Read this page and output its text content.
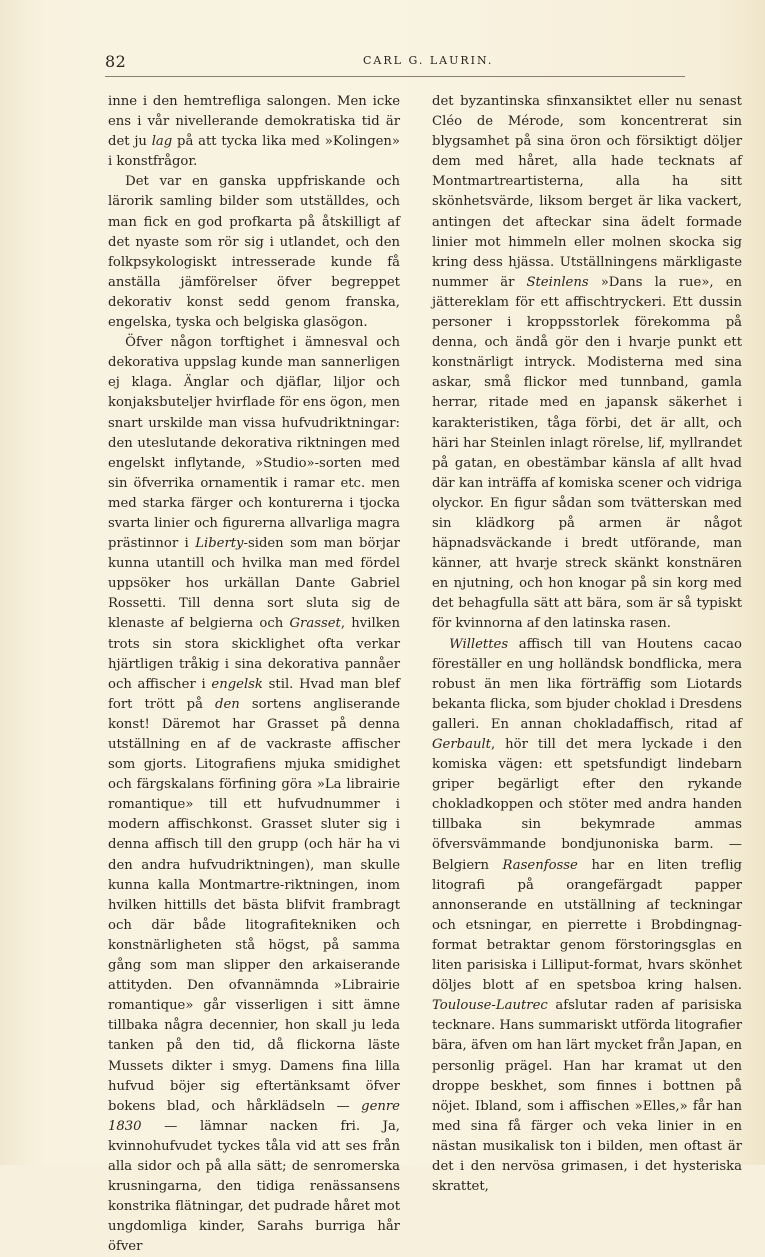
82	CARL G. LAURIN.

inne i den hemtrefliga salongen. Men icke ens i vår nivellerande demokratiska tid är det ju lag på att tycka lika med »Kolingen» i konstfrågor.

Det var en ganska uppfriskande och lärorik samling bilder som utställdes, och man fick en god profkarta på åtskilligt af det nyaste som rör sig i utlandet, och den folkpsykologiskt intresserade kunde få anställa jämförelser öfver begreppet dekorativ konst sedd genom franska, engelska, tyska och belgiska glasögon.

Öfver någon torftighet i ämnesval och dekorativa uppslag kunde man sannerligen ej klaga. Änglar och djäflar, liljor och konjaksbuteljer hvirflade för ens ögon, men snart urskilde man vissa hufvudriktningar: den uteslutande dekorativa riktningen med engelskt inflytande, »Studio»-sorten med sin öfverrika ornamentik i ramar etc. men med starka färger och konturerna i tjocka svarta linier och figurerna allvarliga magra prästinnor i Liberty-siden som man börjar kunna utantill och hvilka man med fördel uppsöker hos urkällan Dante Gabriel Rossetti. Till denna sort sluta sig de klenaste af belgierna och Grasset, hvilken trots sin stora skicklighet ofta verkar hjärtligen tråkig i sina dekorativa pannåer och affischer i engelsk stil. Hvad man blef fort trött på den sortens angliserande konst! Däremot har Grasset på denna utställning en af de vackraste affischer som gjorts. Litografiens mjuka smidighet och färgskalans förfining göra »La librairie romantique» till ett hufvudnummer i modern affischkonst. Grasset sluter sig i denna affisch till den grupp (och här ha vi den andra hufvudriktningen), man skulle kunna kalla Montmartre-riktningen, inom hvilken hittills det bästa blifvit frambragt och där både litografitekniken och konstnärligheten stå högst, på samma gång som man slipper den arkaiserande attityden. Den ofvannämnda »Librairie romantique» går visserligen i sitt ämne tillbaka några decennier, hon skall ju leda tanken på den tid, då flickorna läste Mussets dikter i smyg. Damens fina lilla hufvud böjer sig eftertänksamt öfver bokens blad, och hårklädseln — genre 1830 — lämnar nacken fri. Ja, kvinnohufvudet tyckes tåla vid att ses från alla sidor och på alla sätt; de senromerska krusningarna, den tidiga renässansens konstrika flätningar, det pudrade håret mot ungdomliga kinder, Sarahs burriga hår öfver

det byzantinska sfinxansiktet eller nu senast Cléo de Mérode, som koncentrerat sin blygsamhet på sina öron och försiktigt döljer dem med håret, alla hade tecknats af Montmartreartisterna, alla ha sitt skönhetsvärde, liksom berget är lika vackert, antingen det afteckar sina ädelt formade linier mot himmeln eller molnen skocka sig kring dess hjässa. Utställningens märkligaste nummer är Steinlens »Dans la rue», en jättereklam för ett affischtryckeri. Ett dussin personer i kroppsstorlek förekomma på denna, och ändå gör den i hvarje punkt ett konstnärligt intryck. Modisterna med sina askar, små flickor med tunnband, gamla herrar, ritade med en japansk säkerhet i karakteristiken, tåga förbi, det är allt, och häri har Steinlen inlagt rörelse, lif, myllrandet på gatan, en obestämbar känsla af allt hvad där kan inträffa af komiska scener och vidriga olyckor. En figur sådan som tvätterskan med sin klädkorg på armen är något häpnadsväckande i bredt utförande, man känner, att hvarje streck skänkt konstnären en njutning, och hon knogar på sin korg med det behagfulla sätt att bära, som är så typiskt för kvinnorna af den latinska rasen.

Willettes affisch till van Houtens cacao föreställer en ung holländsk bondflicka, mera robust än men lika förträffig som Liotards bekanta flicka, som bjuder choklad i Dresdens galleri. En annan chokladaffisch, ritad af Gerbault, hör till det mera lyckade i den komiska vägen: ett spetsfundigt lindebarn griper begärligt efter den rykande chokladkoppen och stöter med andra handen tillbaka sin bekymrade ammas öfversvämmande bondjunoniska barm. — Belgiern Rasenfosse har en liten treflig litografi på orangefärgadt papper annonserande en utställning af teckningar och etsningar, en pierrette i Brobdingnag-format betraktar genom förstoringsglas en liten parisiska i Lilliput-format, hvars skönhet döljes blott af en spetsboa kring halsen. Toulouse-Lautrec afslutar raden af parisiska tecknare. Hans summariskt utförda litografier bära, äfven om han lärt mycket från Japan, en personlig prägel. Han har kramat ut den droppe beskhet, som finnes i bottnen på nöjet. Ibland, som i affischen »Elles,» får han med sina få färger och veka linier in en nästan musikalisk ton i bilden, men oftast är det i den nervösa grimasen, i det hysteriska skrattet,
